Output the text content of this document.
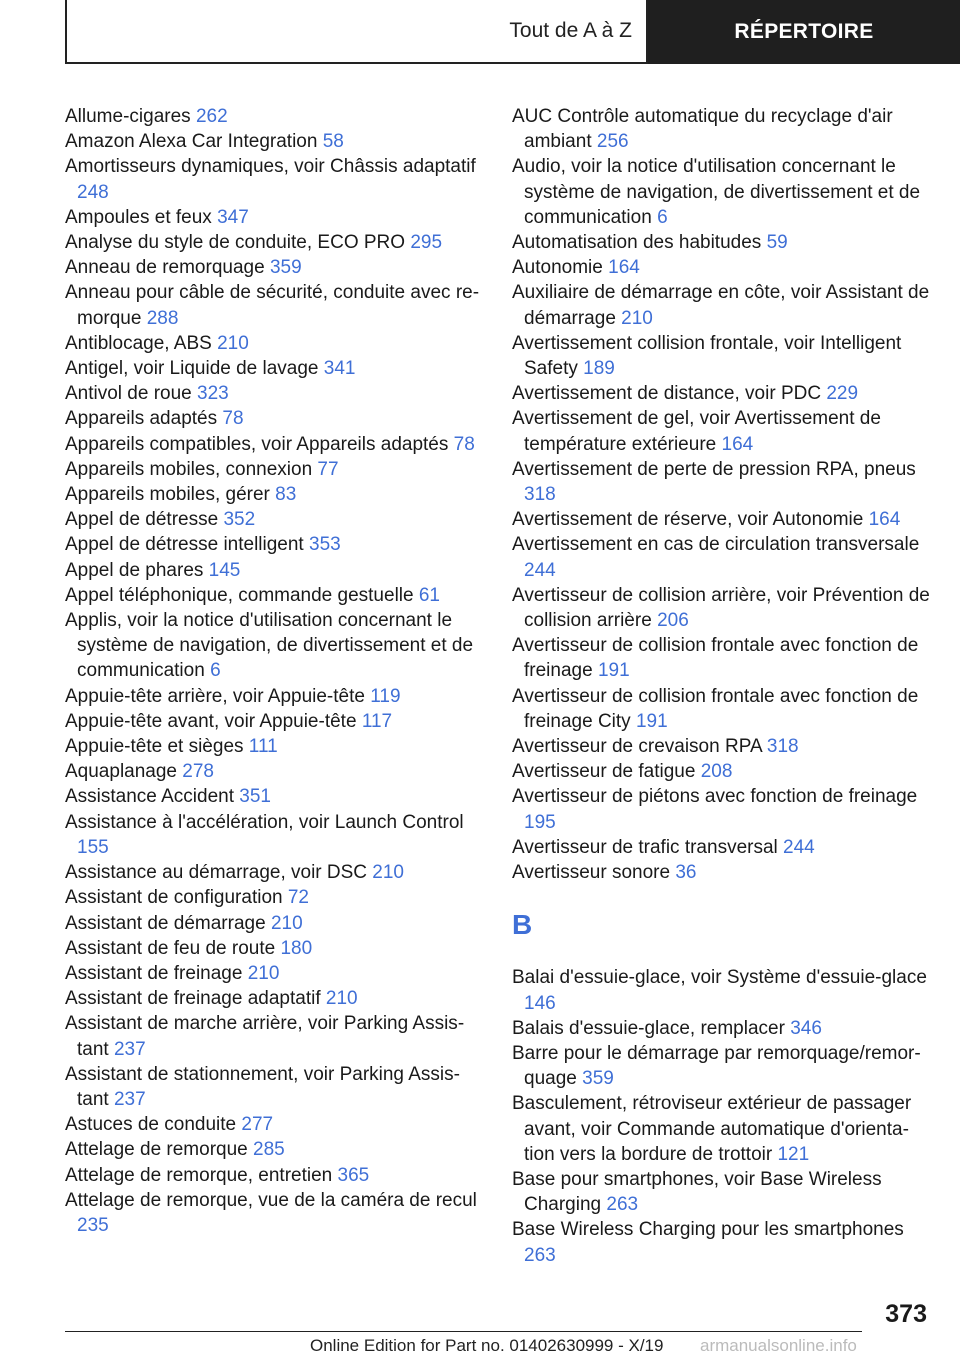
Tout de A à Z	RÉPERTOIRE
Allume-cigares 262
Amazon Alexa Car Integration 58
Amortisseurs dynamiques, voir Châssis adaptatif 248
Ampoules et feux 347
Analyse du style de conduite, ECO PRO 295
Anneau de remorquage 359
Anneau pour câble de sécurité, conduite avec remorque 288
Antiblocage, ABS 210
Antigel, voir Liquide de lavage 341
Antivol de roue 323
Appareils adaptés 78
Appareils compatibles, voir Appareils adaptés 78
Appareils mobiles, connexion 77
Appareils mobiles, gérer 83
Appel de détresse 352
Appel de détresse intelligent 353
Appel de phares 145
Appel téléphonique, commande gestuelle 61
Applis, voir la notice d'utilisation concernant le système de navigation, de divertissement et de communication 6
Appuie-tête arrière, voir Appuie-tête 119
Appuie-tête avant, voir Appuie-tête 117
Appuie-tête et sièges 111
Aquaplanage 278
Assistance Accident 351
Assistance à l'accélération, voir Launch Control 155
Assistance au démarrage, voir DSC 210
Assistant de configuration 72
Assistant de démarrage 210
Assistant de feu de route 180
Assistant de freinage 210
Assistant de freinage adaptatif 210
Assistant de marche arrière, voir Parking Assistant 237
Assistant de stationnement, voir Parking Assistant 237
Astuces de conduite 277
Attelage de remorque 285
Attelage de remorque, entretien 365
Attelage de remorque, vue de la caméra de recul 235
AUC Contrôle automatique du recyclage d'air ambiant 256
Audio, voir la notice d'utilisation concernant le système de navigation, de divertissement et de communication 6
Automatisation des habitudes 59
Autonomie 164
Auxiliaire de démarrage en côte, voir Assistant de démarrage 210
Avertissement collision frontale, voir Intelligent Safety 189
Avertissement de distance, voir PDC 229
Avertissement de gel, voir Avertissement de température extérieure 164
Avertissement de perte de pression RPA, pneus 318
Avertissement de réserve, voir Autonomie 164
Avertissement en cas de circulation transversale 244
Avertisseur de collision arrière, voir Prévention de collision arrière 206
Avertisseur de collision frontale avec fonction de freinage 191
Avertisseur de collision frontale avec fonction de freinage City 191
Avertisseur de crevaison RPA 318
Avertisseur de fatigue 208
Avertisseur de piétons avec fonction de freinage 195
Avertisseur de trafic transversal 244
Avertisseur sonore 36
B
Balai d'essuie-glace, voir Système d'essuie-glace 146
Balais d'essuie-glace, remplacer 346
Barre pour le démarrage par remorquage/remorquage 359
Basculement, rétroviseur extérieur de passager avant, voir Commande automatique d'orientation vers la bordure de trottoir 121
Base pour smartphones, voir Base Wireless Charging 263
Base Wireless Charging pour les smartphones 263
373
Online Edition for Part no. 01402630999 - X/19 armanualsonline.info
